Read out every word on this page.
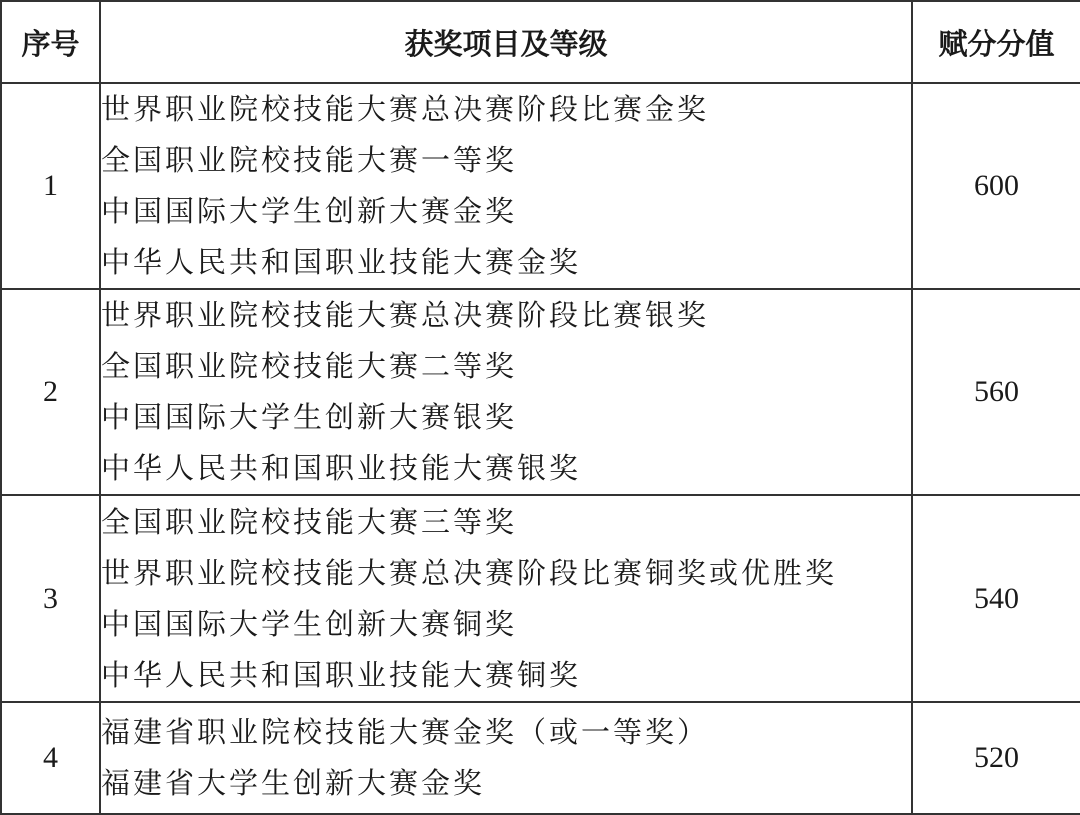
序号	获奖项目及等级	赋分分值
1	世界职业院校技能大赛总决赛阶段比赛金奖
全国职业院校技能大赛一等奖
中国国际大学生创新大赛金奖
中华人民共和国职业技能大赛金奖	600
2	世界职业院校技能大赛总决赛阶段比赛银奖
全国职业院校技能大赛二等奖
中国国际大学生创新大赛银奖
中华人民共和国职业技能大赛银奖	560
3	全国职业院校技能大赛三等奖
世界职业院校技能大赛总决赛阶段比赛铜奖或优胜奖
中国国际大学生创新大赛铜奖
中华人民共和国职业技能大赛铜奖	540
4	福建省职业院校技能大赛金奖（或一等奖）
福建省大学生创新大赛金奖	520
